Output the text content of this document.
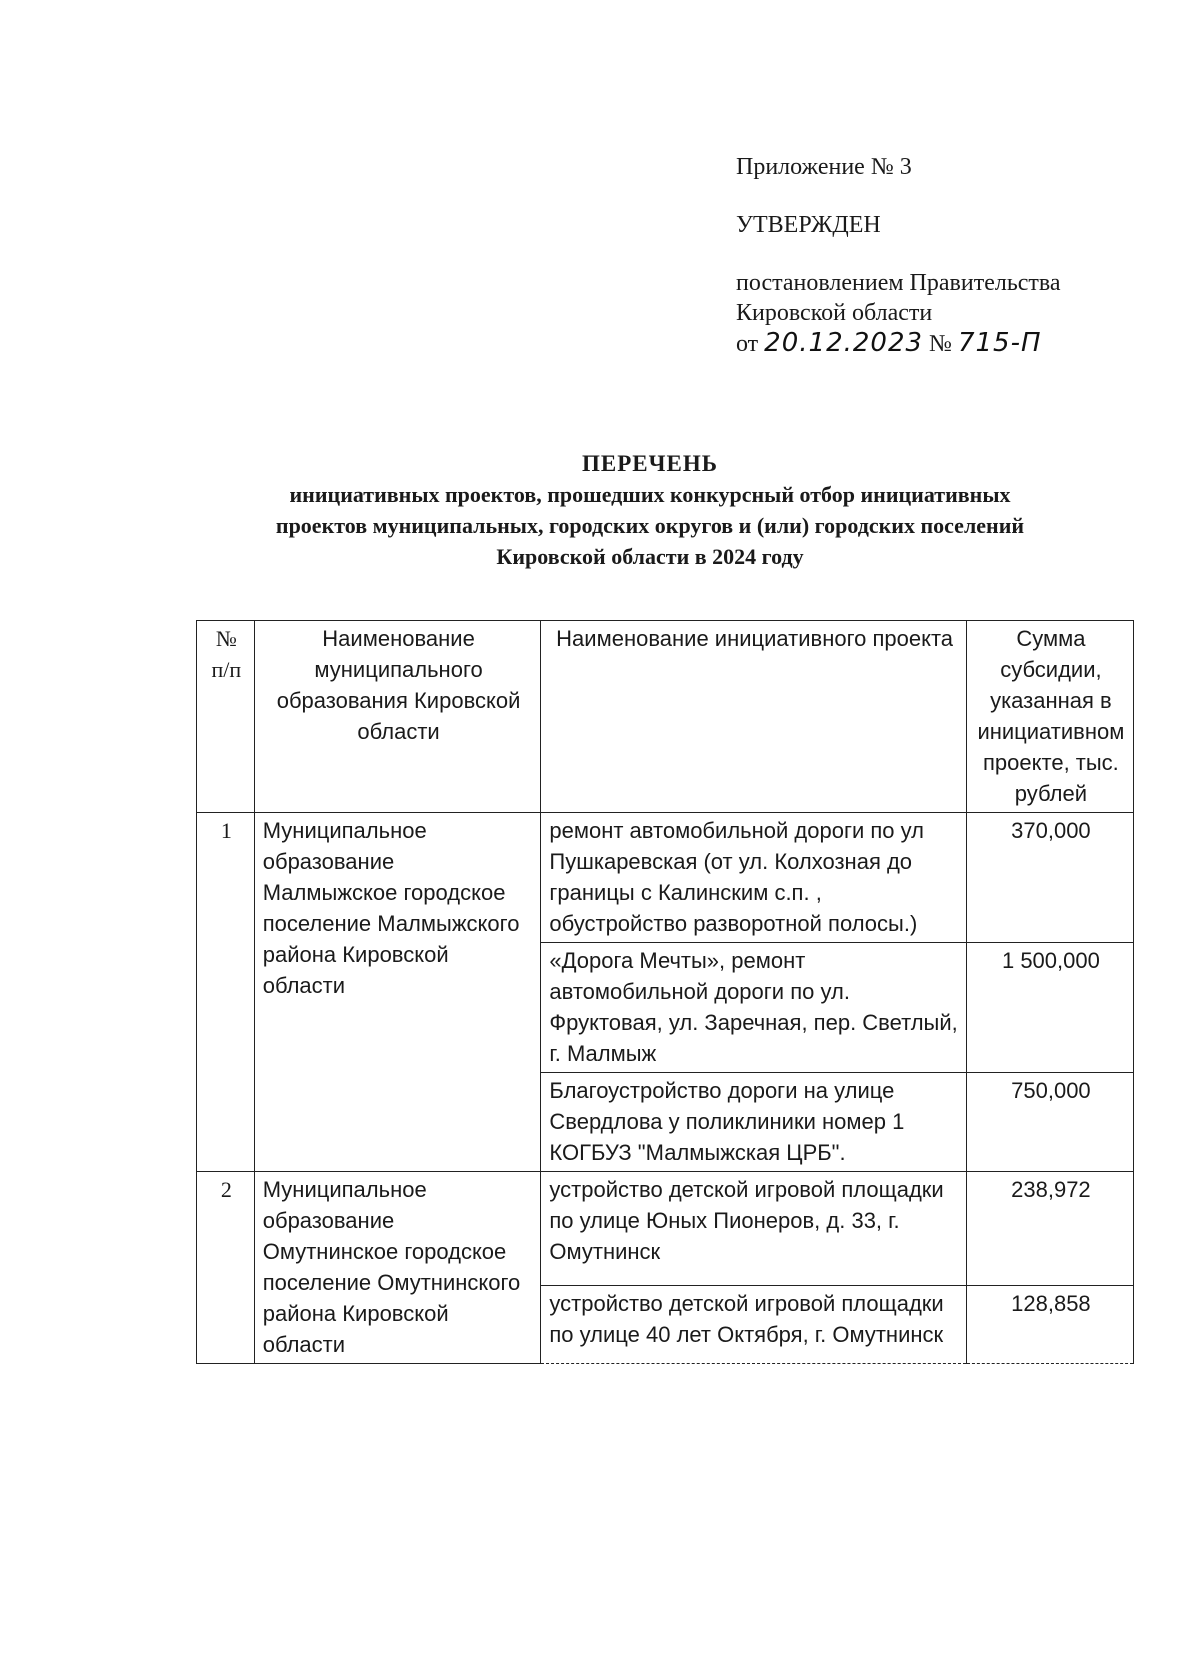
Приложение № 3
УТВЕРЖДЕН
постановлением Правительства
Кировской области
от 20.12.2023 № 715-П
ПЕРЕЧЕНЬ
инициативных проектов, прошедших конкурсный отбор инициативных
проектов муниципальных, городских округов и (или) городских поселений
Кировской области в 2024 году
№ п/п	Наименование муниципального образования Кировской области	Наименование инициативного проекта	Сумма субсидии, указанная в инициативном проекте, тыс. рублей
1	Муниципальное образование Малмыжское городское поселение Малмыжского района Кировской области	ремонт автомобильной дороги по ул Пушкаревская (от ул. Колхозная до границы с Калинским с.п. , обустройство разворотной полосы.)	370,000
		«Дорога Мечты», ремонт автомобильной дороги по ул. Фруктовая, ул. Заречная, пер. Светлый, г. Малмыж	1 500,000
		Благоустройство дороги на улице Свердлова у поликлиники номер 1 КОГБУЗ "Малмыжская ЦРБ".	750,000
2	Муниципальное образование Омутнинское городское поселение Омутнинского района Кировской области	устройство детской игровой площадки по улице Юных Пионеров, д. 33, г. Омутнинск	238,972
		устройство детской игровой площадки по улице 40 лет Октября, г. Омутнинск	128,858
